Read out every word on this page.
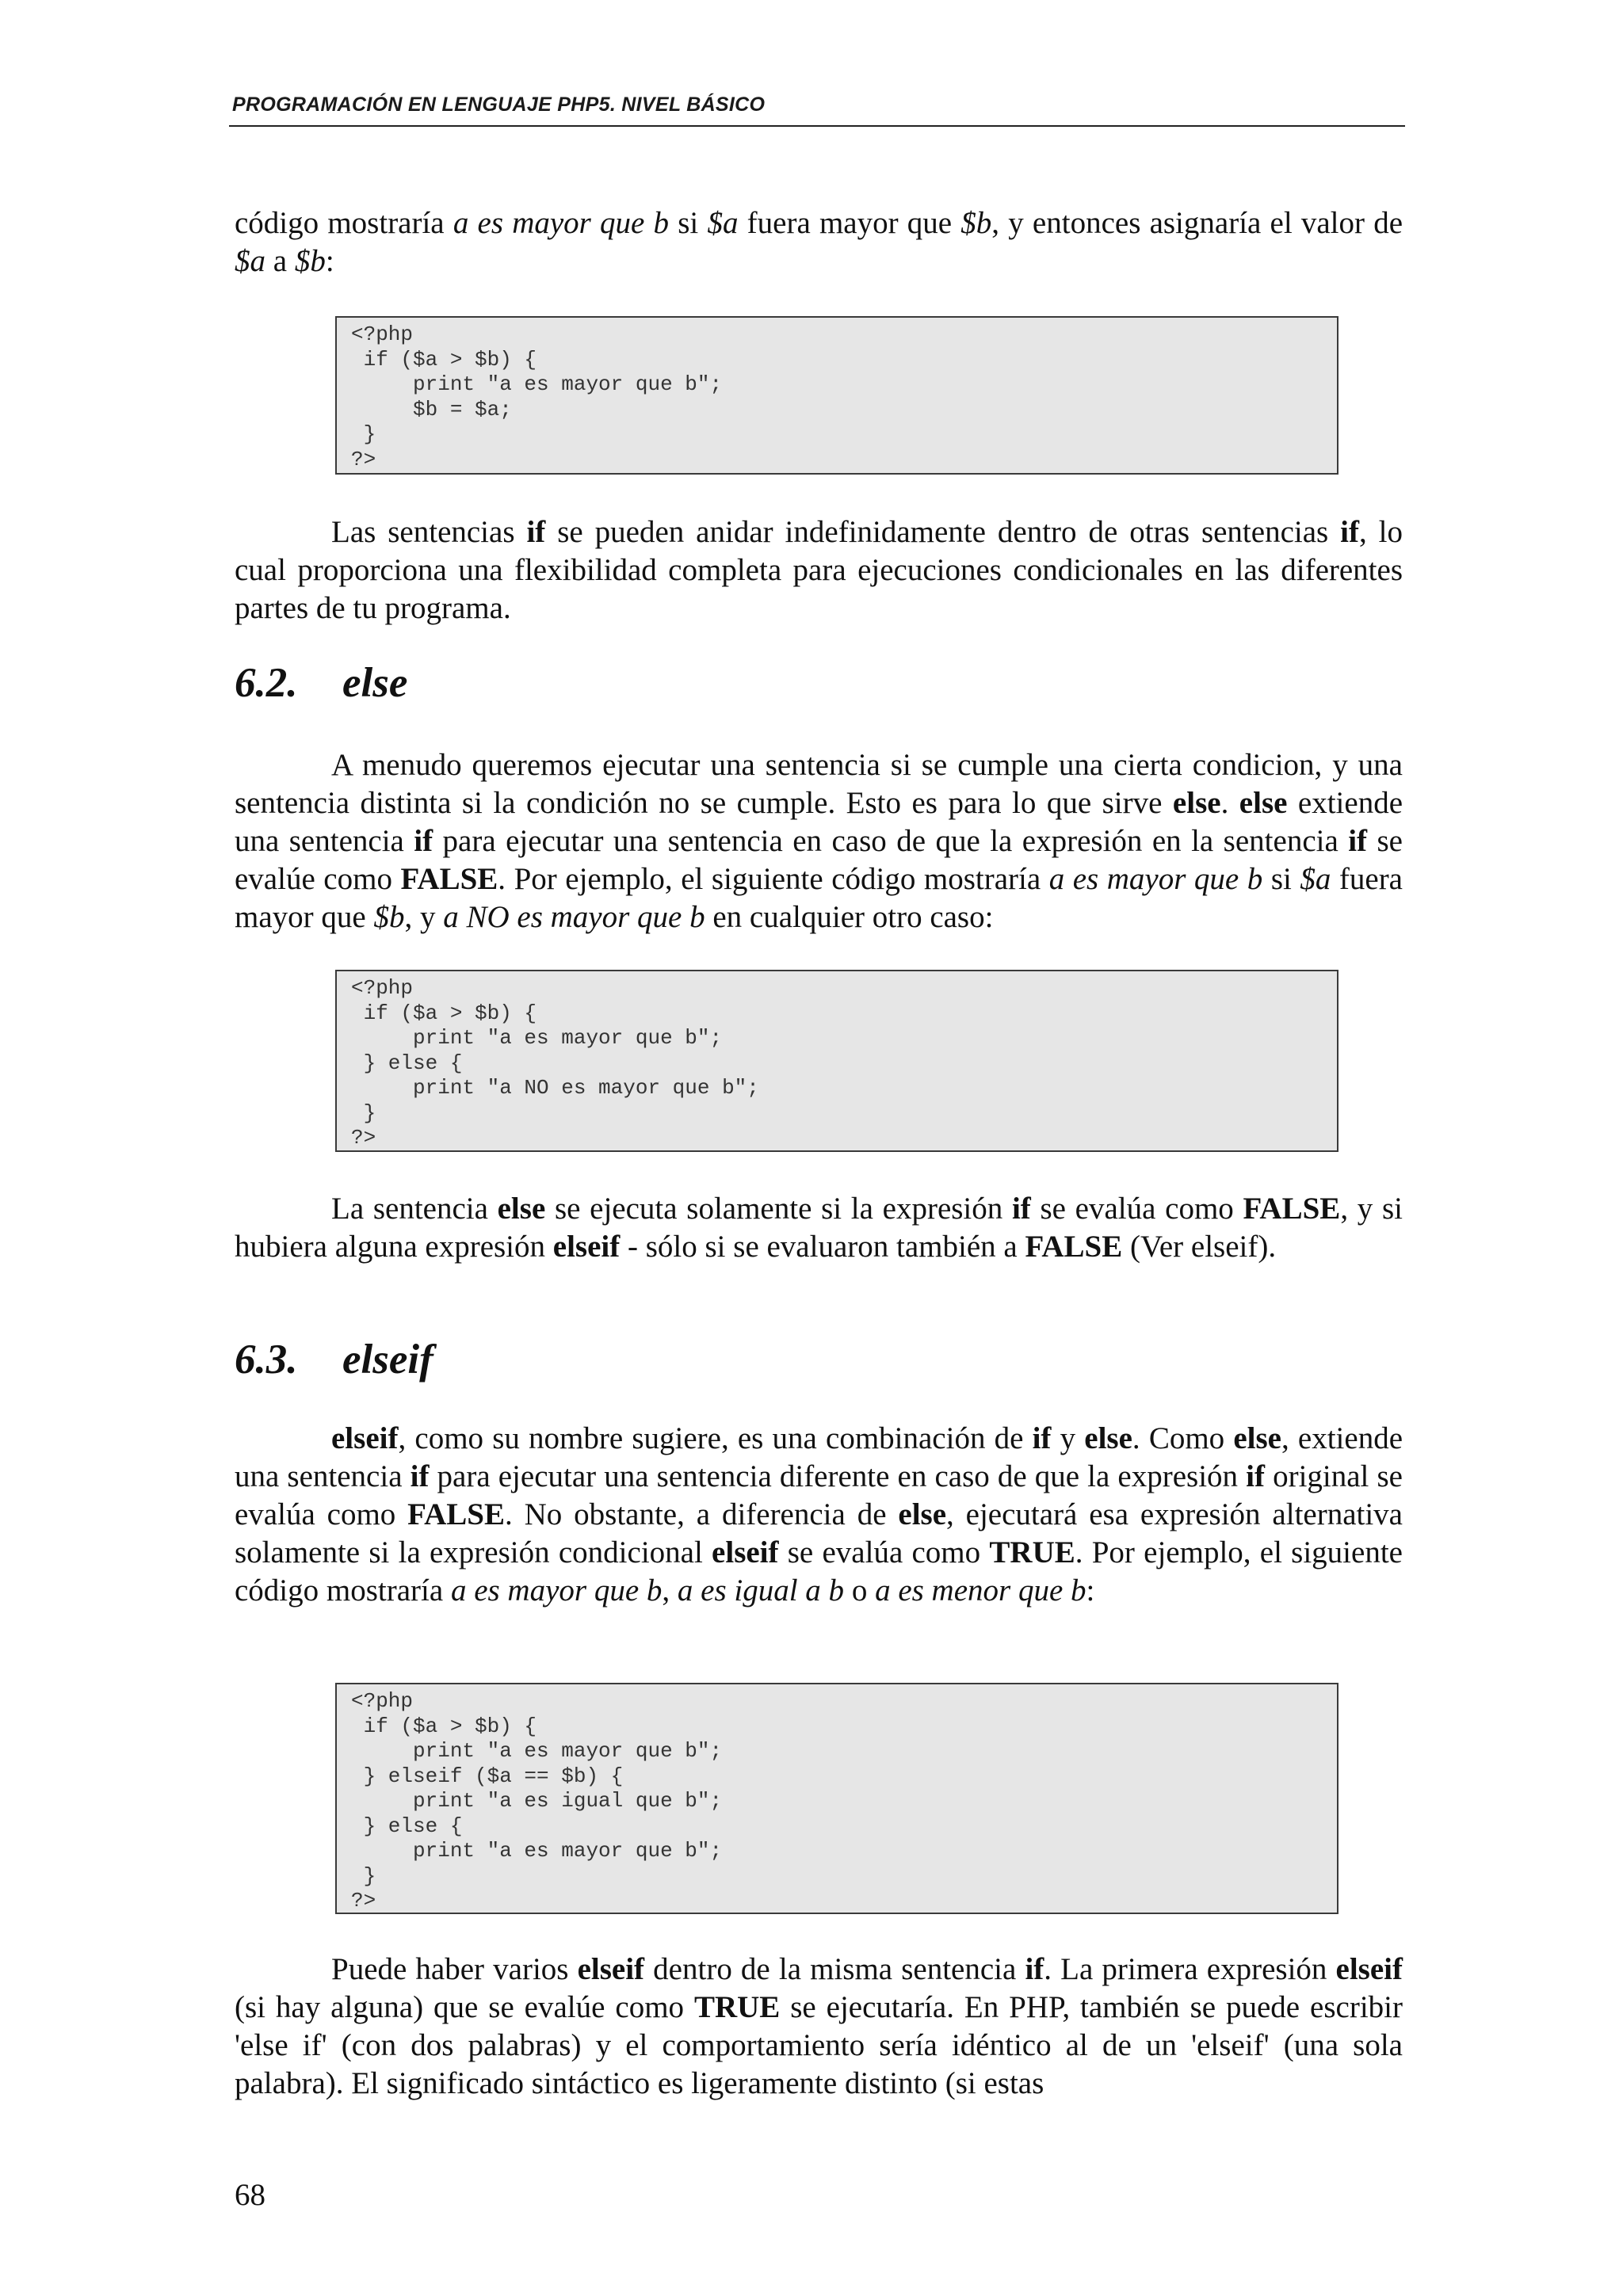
PROGRAMACIÓN EN LENGUAJE PHP5. NIVEL BÁSICO

código mostraría a es mayor que b si $a fuera mayor que $b, y entonces asignaría el valor de $a a $b:

<?php
if ($a > $b) {
print "a es mayor que b";
$b = $a;
}
?>

Las sentencias if se pueden anidar indefinidamente dentro de otras sentencias if, lo cual proporciona una flexibilidad completa para ejecuciones condicionales en las diferentes partes de tu programa.

6.2. else

A menudo queremos ejecutar una sentencia si se cumple una cierta condicion, y una sentencia distinta si la condición no se cumple. Esto es para lo que sirve else. else extiende una sentencia if para ejecutar una sentencia en caso de que la expresión en la sentencia if se evalúe como FALSE. Por ejemplo, el siguiente código mostraría a es mayor que b si $a fuera mayor que $b, y a NO es mayor que b en cualquier otro caso:

<?php
if ($a > $b) {
print "a es mayor que b";
} else {
print "a NO es mayor que b";
}
?>

La sentencia else se ejecuta solamente si la expresión if se evalúa como FALSE, y si hubiera alguna expresión elseif - sólo si se evaluaron también a FALSE (Ver elseif).

6.3. elseif

elseif, como su nombre sugiere, es una combinación de if y else. Como else, extiende una sentencia if para ejecutar una sentencia diferente en caso de que la expresión if original se evalúa como FALSE. No obstante, a diferencia de else, ejecutará esa expresión alternativa solamente si la expresión condicional elseif se evalúa como TRUE. Por ejemplo, el siguiente código mostraría a es mayor que b, a es igual a b o a es menor que b:

<?php
if ($a > $b) {
print "a es mayor que b";
} elseif ($a == $b) {
print "a es igual que b";
} else {
print "a es mayor que b";
}
?>

Puede haber varios elseif dentro de la misma sentencia if. La primera expresión elseif (si hay alguna) que se evalúe como TRUE se ejecutaría. En PHP, también se puede escribir 'else if' (con dos palabras) y el comportamiento sería idéntico al de un 'elseif' (una sola palabra). El significado sintáctico es ligeramente distinto (si estas

68
